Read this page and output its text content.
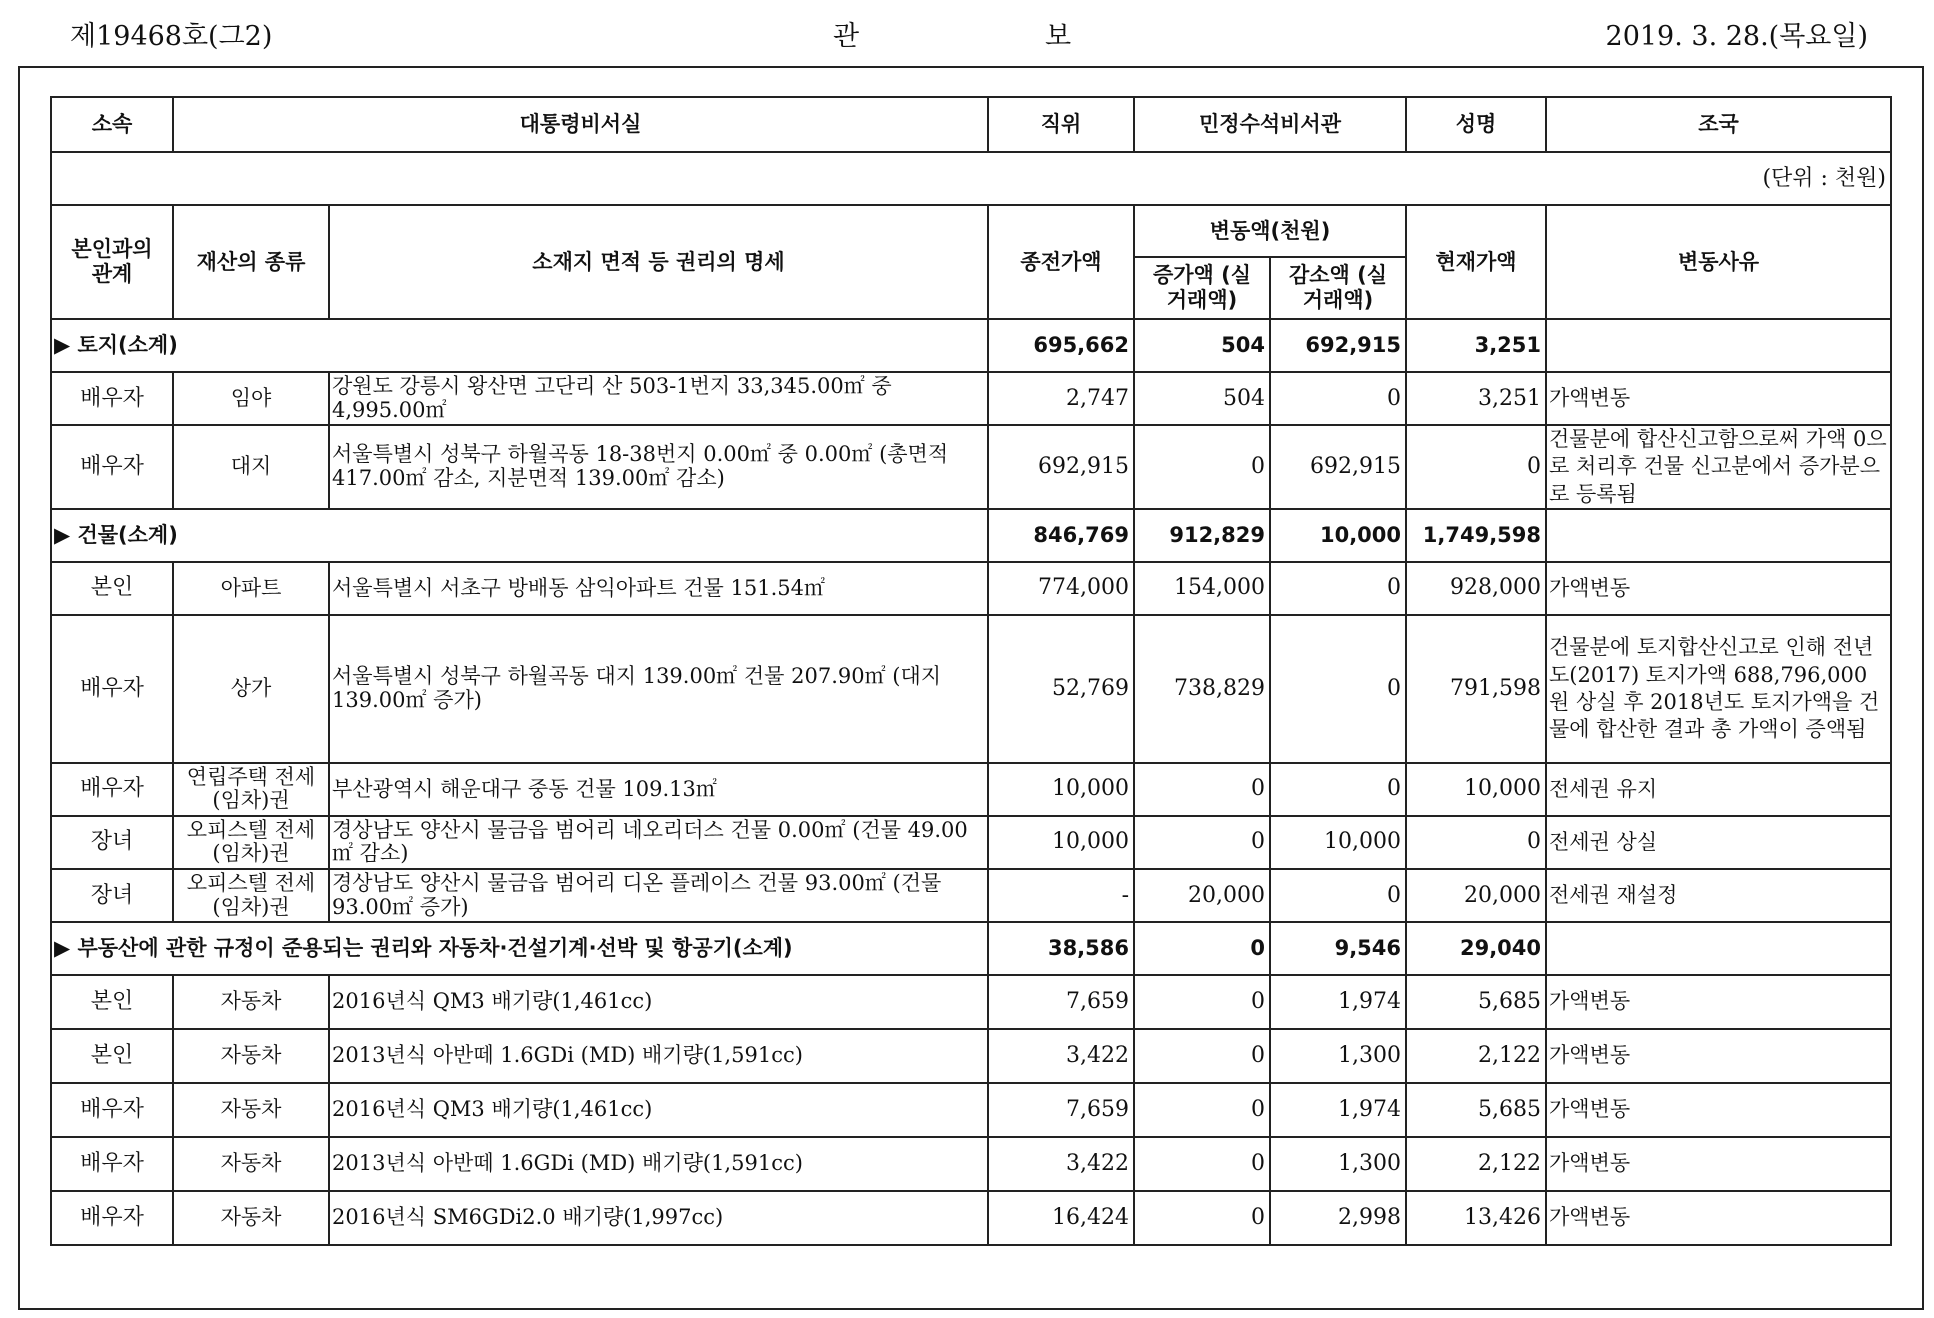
제19468호(그2)	관	보	2019. 3. 28.(목요일)
소속	대통령비서실		직위	민정수석비서관		성명	조국
(단위 : 천원)							
본인과의 관계	재산의 종류	소재지 면적 등 권리의 명세	종전가액	변동액(천원)		현재가액	변동사유
				증가액 (실거래액)	감소액 (실거래액)		
▶ 토지(소계)			695,662	504	692,915	3,251	
배우자	임야	강원도 강릉시 왕산면 고단리 산 503-1번지 33,345.00㎡ 중 4,995.00㎡	2,747	504	0	3,251	가액변동
배우자	대지	서울특별시 성북구 하월곡동 18-38번지 0.00㎡ 중 0.00㎡ (총면적 417.00㎡ 감소, 지분면적 139.00㎡ 감소)	692,915	0	692,915	0	건물분에 합산신고함으로써 가액 0으로 처리후 건물 신고분에서 증가분으로 등록됨
▶ 건물(소계)			846,769	912,829	10,000	1,749,598	
본인	아파트	서울특별시 서초구 방배동 삼익아파트 건물 151.54㎡	774,000	154,000	0	928,000	가액변동
배우자	상가	서울특별시 성북구 하월곡동 대지 139.00㎡ 건물 207.90㎡ (대지 139.00㎡ 증가)	52,769	738,829	0	791,598	건물분에 토지합산신고로 인해 전년도(2017) 토지가액 688,796,000 원 상실 후 2018년도 토지가액을 건물에 합산한 결과 총 가액이 증액됨
배우자	연립주택 전세(임차)권	부산광역시 해운대구 중동 건물 109.13㎡	10,000	0	0	10,000	전세권 유지
장녀	오피스텔 전세(임차)권	경상남도 양산시 물금읍 범어리 네오리더스 건물 0.00㎡ (건물 49.00㎡ 감소)	10,000	0	10,000	0	전세권 상실
장녀	오피스텔 전세(임차)권	경상남도 양산시 물금읍 범어리 디온 플레이스 건물 93.00㎡ (건물 93.00㎡ 증가)	-	20,000	0	20,000	전세권 재설정
▶ 부동산에 관한 규정이 준용되는 권리와 자동차·건설기계·선박 및 항공기(소계)			38,586	0	9,546	29,040	
본인	자동차	2016년식 QM3 배기량(1,461cc)	7,659	0	1,974	5,685	가액변동
본인	자동차	2013년식 아반떼 1.6GDi (MD) 배기량(1,591cc)	3,422	0	1,300	2,122	가액변동
배우자	자동차	2016년식 QM3 배기량(1,461cc)	7,659	0	1,974	5,685	가액변동
배우자	자동차	2013년식 아반떼 1.6GDi (MD) 배기량(1,591cc)	3,422	0	1,300	2,122	가액변동
배우자	자동차	2016년식 SM6GDi2.0 배기량(1,997cc)	16,424	0	2,998	13,426	가액변동
